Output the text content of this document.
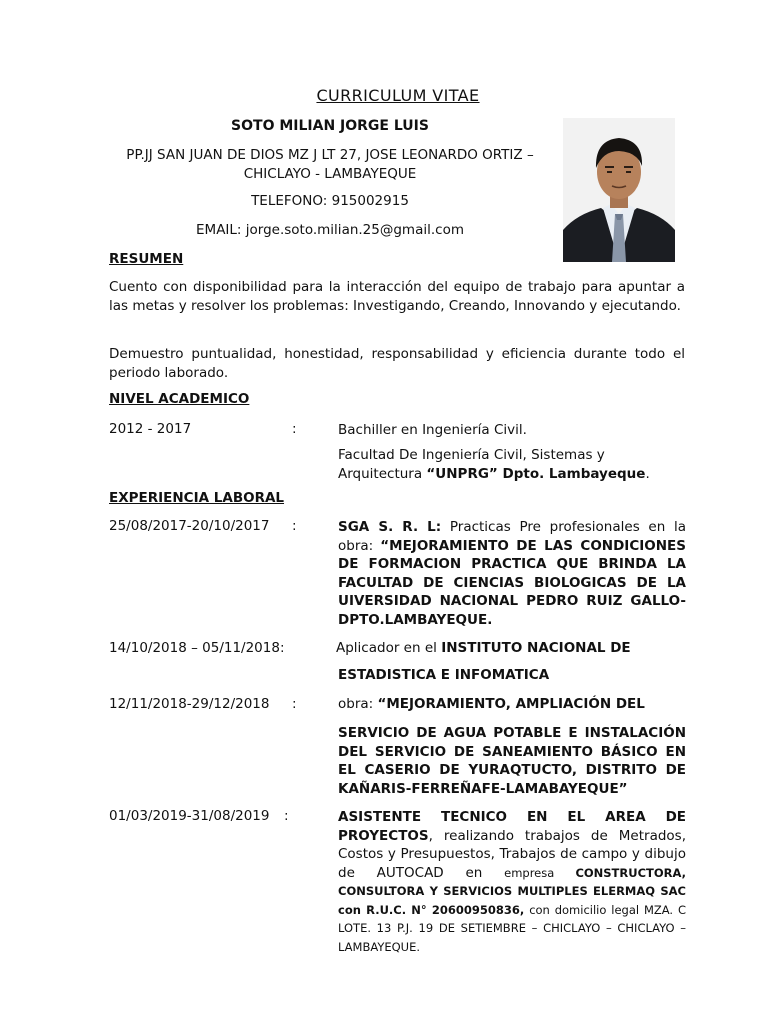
CURRICULUM VITAE
SOTO MILIAN JORGE LUIS
PP.JJ SAN JUAN DE DIOS MZ J LT 27, JOSE LEONARDO ORTIZ –
CHICLAYO - LAMBAYEQUE
TELEFONO: 915002915
EMAIL: jorge.soto.milian.25@gmail.com
RESUMEN
Cuento con disponibilidad para la interacción del equipo de trabajo para apuntar a las metas y resolver los problemas: Investigando, Creando, Innovando y ejecutando.
Demuestro puntualidad, honestidad, responsabilidad y eficiencia durante todo el periodo laborado.
NIVEL ACADEMICO
2012 - 2017	:	Bachiller en Ingeniería Civil.
Facultad De Ingeniería Civil, Sistemas y Arquitectura “UNPRG” Dpto. Lambayeque.
EXPERIENCIA LABORAL
25/08/2017-20/10/2017 :	SGA S. R. L: Practicas Pre profesionales en la obra: “MEJORAMIENTO DE LAS CONDICIONES DE FORMACION PRACTICA QUE BRINDA LA FACULTAD DE CIENCIAS BIOLOGICAS DE LA UIVERSIDAD NACIONAL PEDRO RUIZ GALLO-DPTO.LAMBAYEQUE.
14/10/2018 – 05/11/2018:	Aplicador en el INSTITUTO NACIONAL DE
ESTADISTICA E INFOMATICA
12/11/2018-29/12/2018 :	obra: “MEJORAMIENTO, AMPLIACIÓN DEL
SERVICIO DE AGUA POTABLE E INSTALACIÓN DEL SERVICIO DE SANEAMIENTO BÁSICO EN EL CASERIO DE YURAQTUCTO, DISTRITO DE KAÑARIS-FERREÑAFE-LAMABAYEQUE”
01/03/2019-31/08/2019 :	ASISTENTE TECNICO EN EL AREA DE PROYECTOS, realizando trabajos de Metrados, Costos y Presupuestos, Trabajos de campo y dibujo de AUTOCAD en empresa CONSTRUCTORA, CONSULTORA Y SERVICIOS MULTIPLES ELERMAQ SAC con R.U.C. N° 20600950836, con domicilio legal MZA. C LOTE. 13 P.J. 19 DE SETIEMBRE – CHICLAYO – CHICLAYO – LAMBAYEQUE.
